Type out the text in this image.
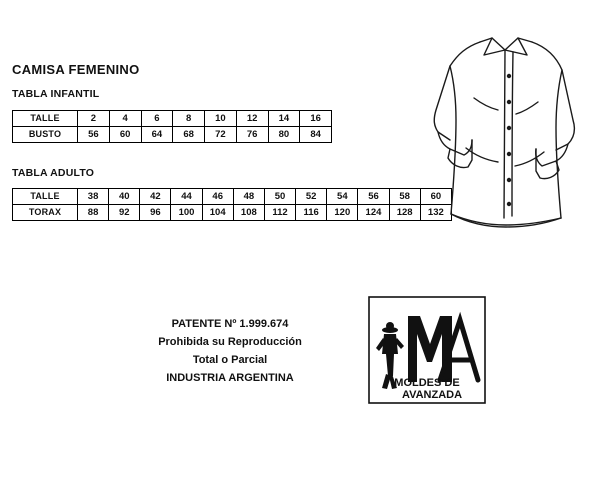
CAMISA FEMENINO
TABLA INFANTIL
TALLE	2	4	6	8	10	12	14	16
BUSTO	56	60	64	68	72	76	80	84
TABLA ADULTO
TALLE	38	40	42	44	46	48	50	52	54	56	58	60
TORAX	88	92	96	100	104	108	112	116	120	124	128	132
PATENTE Nº 1.999.674
Prohibida su Reproducción
Total o Parcial
INDUSTRIA ARGENTINA	MOLDES DE
AVANZADA
